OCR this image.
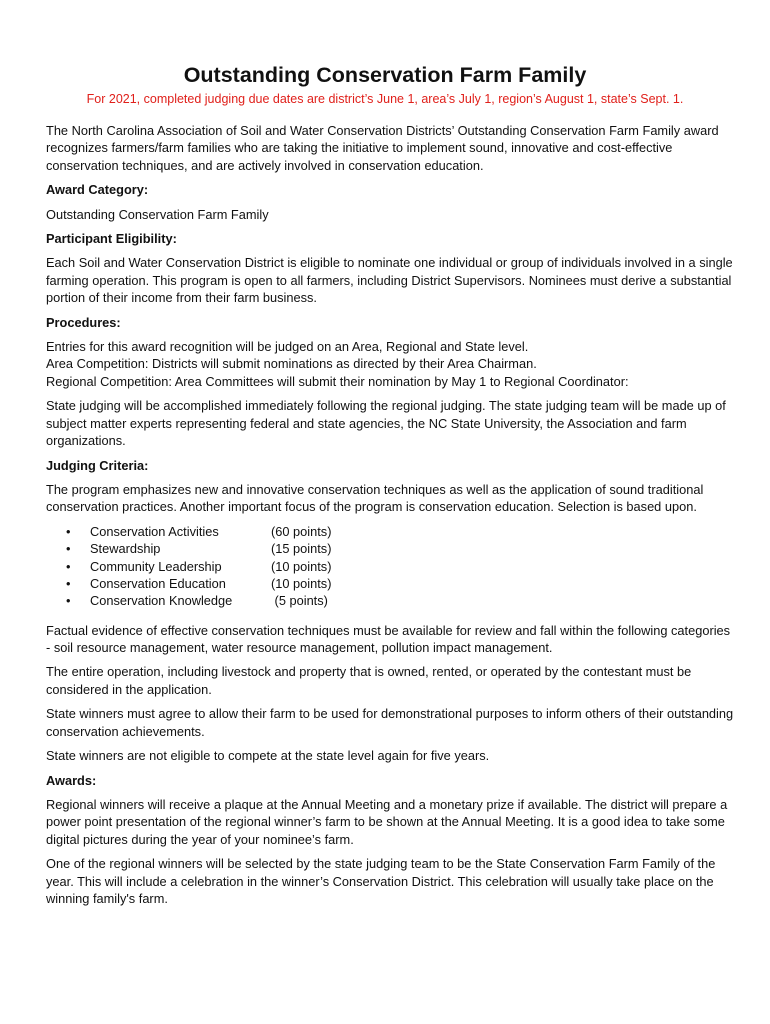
Outstanding Conservation Farm Family

For 2021, completed judging due dates are district’s June 1, area’s July 1, region’s August 1, state’s Sept. 1.

The North Carolina Association of Soil and Water Conservation Districts’ Outstanding Conservation Farm Family award recognizes farmers/farm families who are taking the initiative to implement sound, innovative and cost-effective conservation techniques, and are actively involved in conservation education.

Award Category:

Outstanding Conservation Farm Family

Participant Eligibility:

Each Soil and Water Conservation District is eligible to nominate one individual or group of individuals involved in a single farming operation. This program is open to all farmers, including District Supervisors. Nominees must derive a substantial portion of their income from their farm business.

Procedures:

Entries for this award recognition will be judged on an Area, Regional and State level.
Area Competition: Districts will submit nominations as directed by their Area Chairman.
Regional Competition: Area Committees will submit their nomination by May 1 to Regional Coordinator:

State judging will be accomplished immediately following the regional judging. The state judging team will be made up of subject matter experts representing federal and state agencies, the NC State University, the Association and farm organizations.

Judging Criteria:

The program emphasizes new and innovative conservation techniques as well as the application of sound traditional conservation practices. Another important focus of the program is conservation education. Selection is based upon.

• Conservation Activities	(60 points)
• Stewardship	(15 points)
• Community Leadership	(10 points)
• Conservation Education	(10 points)
• Conservation Knowledge	(5 points)

Factual evidence of effective conservation techniques must be available for review and fall within the following categories - soil resource management, water resource management, pollution impact management.

The entire operation, including livestock and property that is owned, rented, or operated by the contestant must be considered in the application.

State winners must agree to allow their farm to be used for demonstrational purposes to inform others of their outstanding conservation achievements.

State winners are not eligible to compete at the state level again for five years.

Awards:

Regional winners will receive a plaque at the Annual Meeting and a monetary prize if available. The district will prepare a power point presentation of the regional winner’s farm to be shown at the Annual Meeting. It is a good idea to take some digital pictures during the year of your nominee’s farm.

One of the regional winners will be selected by the state judging team to be the State Conservation Farm Family of the year. This will include a celebration in the winner’s Conservation District. This celebration will usually take place on the winning family's farm.
